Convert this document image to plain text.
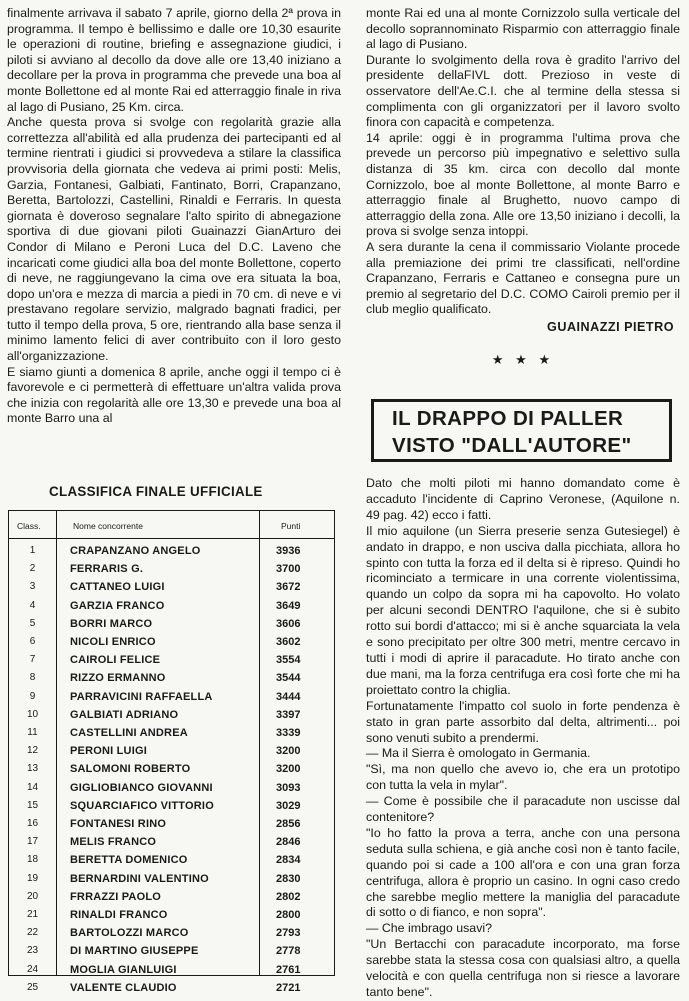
finalmente arrivava il sabato 7 aprile, giorno della 2ª prova in programma. Il tempo è bellissimo e dalle ore 10,30 esaurite le operazioni di routine, briefing e assegnazione giudici, i piloti si avviano al decollo da dove alle ore 13,40 iniziano a decollare per la prova in programma che prevede una boa al monte Bollettone ed al monte Rai ed atterraggio finale in riva al lago di Pusiano, 25 Km. circa.

Anche questa prova si svolge con regolarità grazie alla correttezza all'abilità ed alla prudenza dei partecipanti ed al termine rientrati i giudici si provvedeva a stilare la classifica provvisoria della giornata che vedeva ai primi posti: Melis, Garzia, Fontanesi, Galbiati, Fantinato, Borri, Crapanzano, Beretta, Bartolozzi, Castellini, Rinaldi e Ferraris. In questa giornata è doveroso segnalare l'alto spirito di abnegazione sportiva di due giovani piloti Guainazzi GianArturo dei Condor di Milano e Peroni Luca del D.C. Laveno che incaricati come giudici alla boa del monte Bollettone, coperto di neve, ne raggiungevano la cima ove era situata la boa, dopo un'ora e mezza di marcia a piedi in 70 cm. di neve e vi prestavano regolare servizio, malgrado bagnati fradici, per tutto il tempo della prova, 5 ore, rientrando alla base senza il minimo lamento felici di aver contribuito con il loro gesto all'organizzazione.

E siamo giunti a domenica 8 aprile, anche oggi il tempo ci è favorevole e ci permetterà di effettuare un'altra valida prova che inizia con regolarità alle ore 13,30 e prevede una boa al monte Barro una al

monte Rai ed una al monte Cornizzolo sulla verticale del decollo soprannominato Risparmio con atterraggio finale al lago di Pusiano.

Durante lo svolgimento della rova è gradito l'arrivo del presidente dellaFIVL dott. Prezioso in veste di osservatore dell'Ae.C.I. che al termine della stessa si complimenta con gli organizzatori per il lavoro svolto finora con capacità e competenza.

14 aprile: oggi è in programma l'ultima prova che prevede un percorso più impegnativo e selettivo sulla distanza di 35 km. circa con decollo dal monte Cornizzolo, boe al monte Bollettone, al monte Barro e atterraggio finale al Brughetto, nuovo campo di atterraggio della zona. Alle ore 13,50 iniziano i decolli, la prova si svolge senza intoppi.

A sera durante la cena il commissario Violante procede alla premiazione dei primi tre classificati, nell'ordine Crapanzano, Ferraris e Cattaneo e consegna pure un premio al segretario del D.C. COMO Cairoli premio per il club meglio qualificato.

GUAINAZZI PIETRO
★ ★ ★
IL DRAPPO DI PALLER
VISTO "DALL'AUTORE"

Dato che molti piloti mi hanno domandato come è accaduto l'incidente di Caprino Veronese, (Aquilone n. 49 pag. 42) ecco i fatti.

Il mio aquilone (un Sierra preserie senza Gutesiegel) è andato in drappo, e non usciva dalla picchiata, allora ho spinto con tutta la forza ed il delta si è ripreso. Quindi ho ricominciato a termicare in una corrente violentissima, quando un colpo da sopra mi ha capovolto. Ho volato per alcuni secondi DENTRO l'aquilone, che si è subito rotto sui bordi d'attacco; mi si è anche squarciata la vela e sono precipitato per oltre 300 metri, mentre cercavo in tutti i modi di aprire il paracadute. Ho tirato anche con due mani, ma la forza centrifuga era così forte che mi ha proiettato contro la chiglia.

Fortunatamente l'impatto col suolo in forte pendenza è stato in gran parte assorbito dal delta, altrimenti... poi sono venuti subito a prendermi.

— Ma il Sierra è omologato in Germania.

"Sì, ma non quello che avevo io, che era un prototipo con tutta la vela in mylar".

— Come è possibile che il paracadute non uscisse dal contenitore?

"Io ho fatto la prova a terra, anche con una persona seduta sulla schiena, e già anche così non è tanto facile, quando poi si cade a 100 all'ora e con una gran forza centrifuga, allora è proprio un casino. In ogni caso credo che sarebbe meglio mettere la maniglia del paracadute di sotto o di fianco, e non sopra".

— Che imbrago usavi?

"Un Bertacchi con paracadute incorporato, ma forse sarebbe stata la stessa cosa con qualsiasi altro, a quella velocità e con quella centrifuga non si riesce a lavorare tanto bene".

CLASSIFICA FINALE UFFICIALE
Class.	Nome concorrente	Punti
1	CRAPANZANO ANGELO	3936
2	FERRARIS G.	3700
3	CATTANEO LUIGI	3672
4	GARZIA FRANCO	3649
5	BORRI MARCO	3606
6	NICOLI ENRICO	3602
7	CAIROLI FELICE	3554
8	RIZZO ERMANNO	3544
9	PARRAVICINI RAFFAELLA	3444
10	GALBIATI ADRIANO	3397
11	CASTELLINI ANDREA	3339
12	PERONI LUIGI	3200
13	SALOMONI ROBERTO	3200
14	GIGLIOBIANCO GIOVANNI	3093
15	SQUARCIAFICO VITTORIO	3029
16	FONTANESI RINO	2856
17	MELIS FRANCO	2846
18	BERETTA DOMENICO	2834
19	BERNARDINI VALENTINO	2830
20	FRRAZZI PAOLO	2802
21	RINALDI FRANCO	2800
22	BARTOLOZZI MARCO	2793
23	DI MARTINO GIUSEPPE	2778
24	MOGLIA GIANLUIGI	2761
25	VALENTE CLAUDIO	2721
